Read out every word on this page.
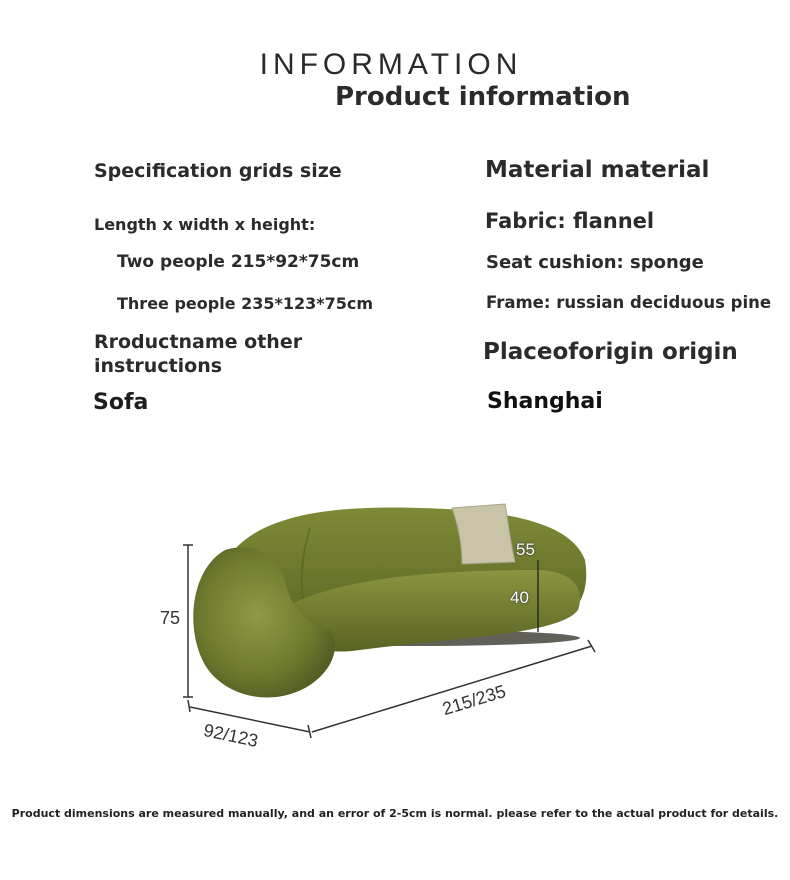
INFORMATION
Product information
Specification grids size
Length x width x height:
Two people 215*92*75cm
Three people 235*123*75cm
Rroductname other
instructions
Sofa
Material material
Fabric: flannel
Seat cushion: sponge
Frame: russian deciduous pine
Placeoforigin origin
Shanghai
75
92/123
215/235
55
40
Product dimensions are measured manually, and an error of 2-5cm is normal. please refer to the actual product for details.
